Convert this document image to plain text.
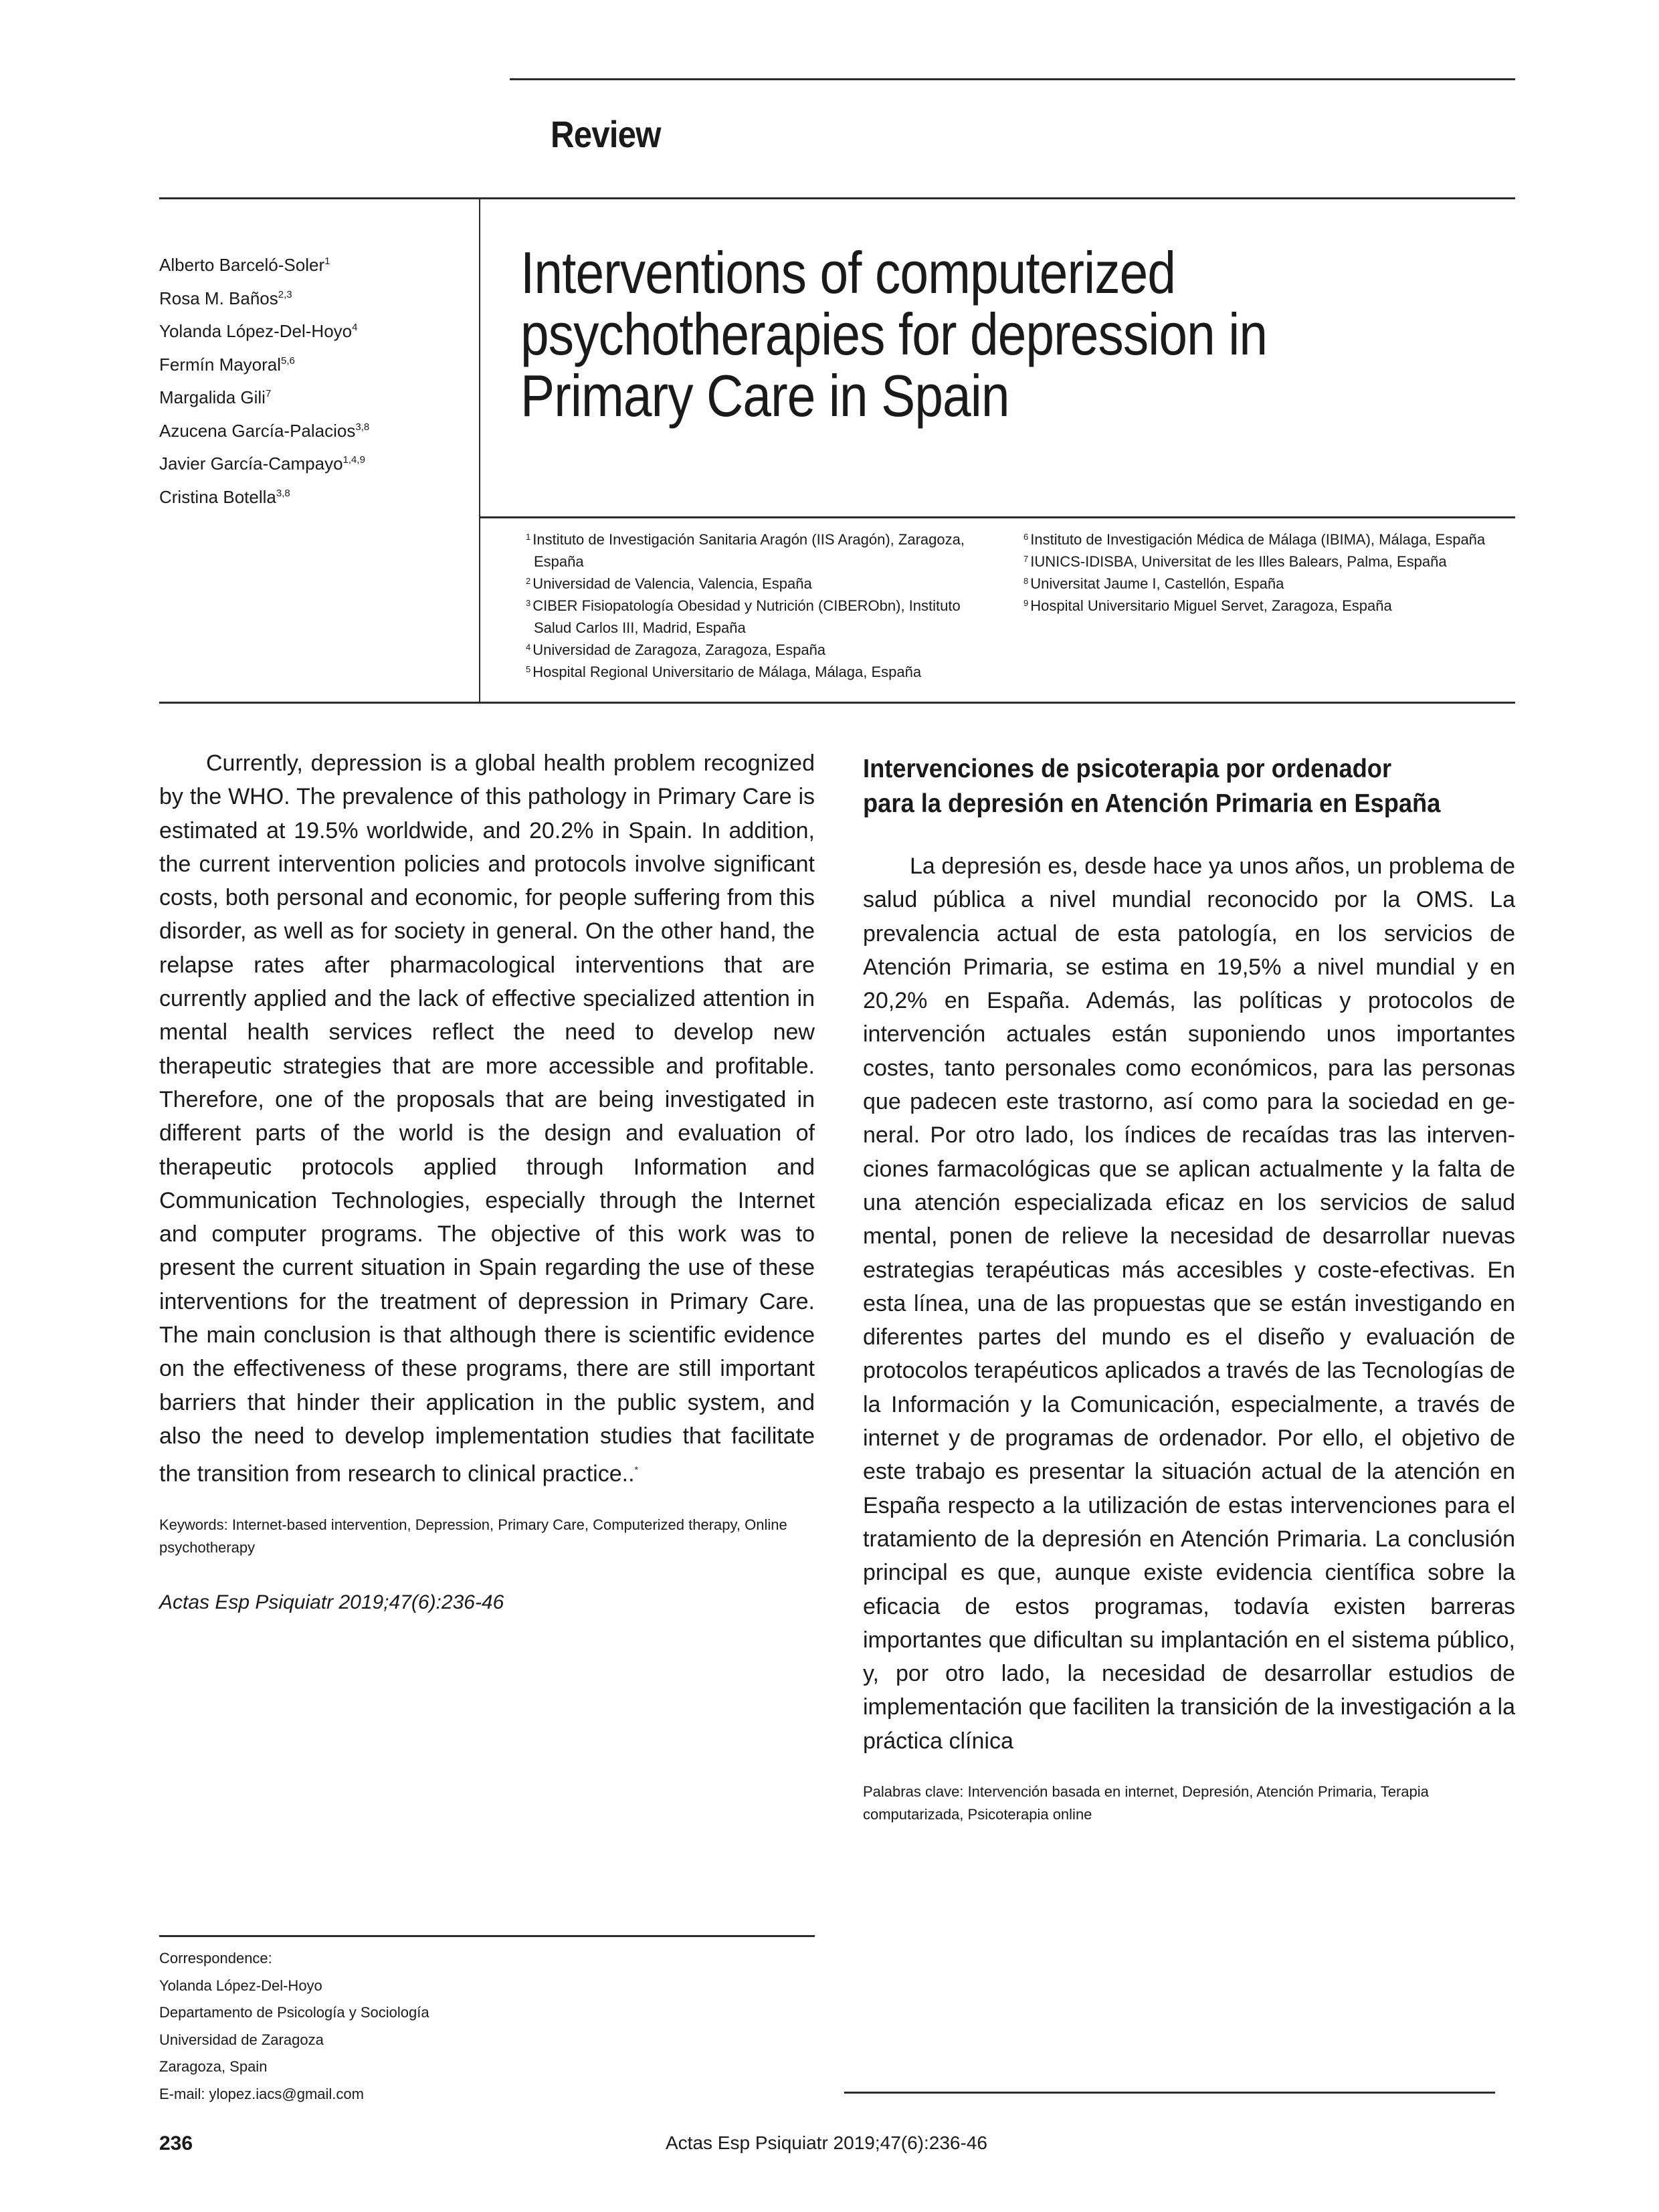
Review
Alberto Barceló-Soler$^1$
Rosa M. Baños$^{2,3}$
Yolanda López-Del-Hoyo$^4$
Fermín Mayoral$^{5,6}$
Margalida Gili$^7$
Azucena García-Palacios$^{3,8}$
Javier García-Campayo$^{1,4,9}$
Cristina Botella$^{3,8}$
Interventions of computerized
psychotherapies for depression in
Primary Care in Spain
$^1$ Instituto de Investigación Sanitaria Aragón (IIS Aragón), Zaragoza, España
$^2$ Universidad de Valencia, Valencia, España
$^3$ CIBER Fisiopatología Obesidad y Nutrición (CIBERObn), Instituto Salud Carlos III, Madrid, España
$^4$ Universidad de Zaragoza, Zaragoza, España
$^5$ Hospital Regional Universitario de Málaga, Málaga, España
$^6$ Instituto de Investigación Médica de Málaga (IBIMA), Málaga, España
$^7$ IUNICS-IDISBA, Universitat de les Illes Balears, Palma, España
$^8$ Universitat Jaume I, Castellón, España
$^9$ Hospital Universitario Miguel Servet, Zaragoza, España

Currently, depression is a global health problem recognized by the WHO. The prevalence of this pathology in Primary Care is estimated at 19.5% worldwide, and 20.2% in Spain. In addition, the current intervention policies and protocols involve significant costs, both personal and economic, for people suffering from this disorder, as well as for society in general. On the other hand, the relapse rates after pharmacological interventions that are currently applied and the lack of effective specialized attention in mental health services reflect the need to develop new therapeutic strategies that are more accessible and profitable. Therefore, one of the proposals that are being investigated in different parts of the world is the design and evaluation of therapeutic protocols applied through Information and Communication Technologies, especially through the Internet and computer programs. The objective of this work was to present the current situation in Spain regarding the use of these interventions for the treatment of depression in Primary Care. The main conclusion is that although there is scientific evidence on the effectiveness of these programs, there are still important barriers that hinder their application in the public system, and also the need to develop implementation studies that facilitate the transition from research to clinical practice..*

Keywords: Internet-based intervention, Depression, Primary Care, Computerized therapy, Online psychotherapy
Actas Esp Psiquiatr 2019;47(6):236-46
Intervenciones de psicoterapia por ordenador
para la depresión en Atención Primaria en España

La depresión es, desde hace ya unos años, un problema de salud pública a nivel mundial reconocido por la OMS. La prevalencia actual de esta patología, en los servicios de Atención Primaria, se estima en 19,5% a nivel mundial y en 20,2% en España. Además, las políticas y protocolos de intervención actuales están suponiendo unos importantes costes, tanto personales como económicos, para las personas que padecen este trastorno, así como para la sociedad en general. Por otro lado, los índices de recaídas tras las intervenciones farmacológicas que se aplican actualmente y la falta de una atención especializada eficaz en los servicios de salud mental, ponen de relieve la necesidad de desarrollar nuevas estrategias terapéuticas más accesibles y coste-efectivas. En esta línea, una de las propuestas que se están investigando en diferentes partes del mundo es el diseño y evaluación de protocolos terapéuticos aplicados a través de las Tecnologías de la Información y la Comunicación, especialmente, a través de internet y de programas de ordenador. Por ello, el objetivo de este trabajo es presentar la situación actual de la atención en España respecto a la utilización de estas intervenciones para el tratamiento de la depresión en Atención Primaria. La conclusión principal es que, aunque existe evidencia científica sobre la eficacia de estos programas, todavía existen barreras importantes que dificultan su implantación en el sistema público, y, por otro lado, la necesidad de desarrollar estudios de implementación que faciliten la transición de la investigación a la práctica clínica

Palabras clave: Intervención basada en internet, Depresión, Atención Primaria, Terapia computarizada, Psicoterapia online
Correspondence:
Yolanda López-Del-Hoyo
Departamento de Psicología y Sociología
Universidad de Zaragoza
Zaragoza, Spain
E-mail: ylopez.iacs@gmail.com
236	Actas Esp Psiquiatr 2019;47(6):236-46
